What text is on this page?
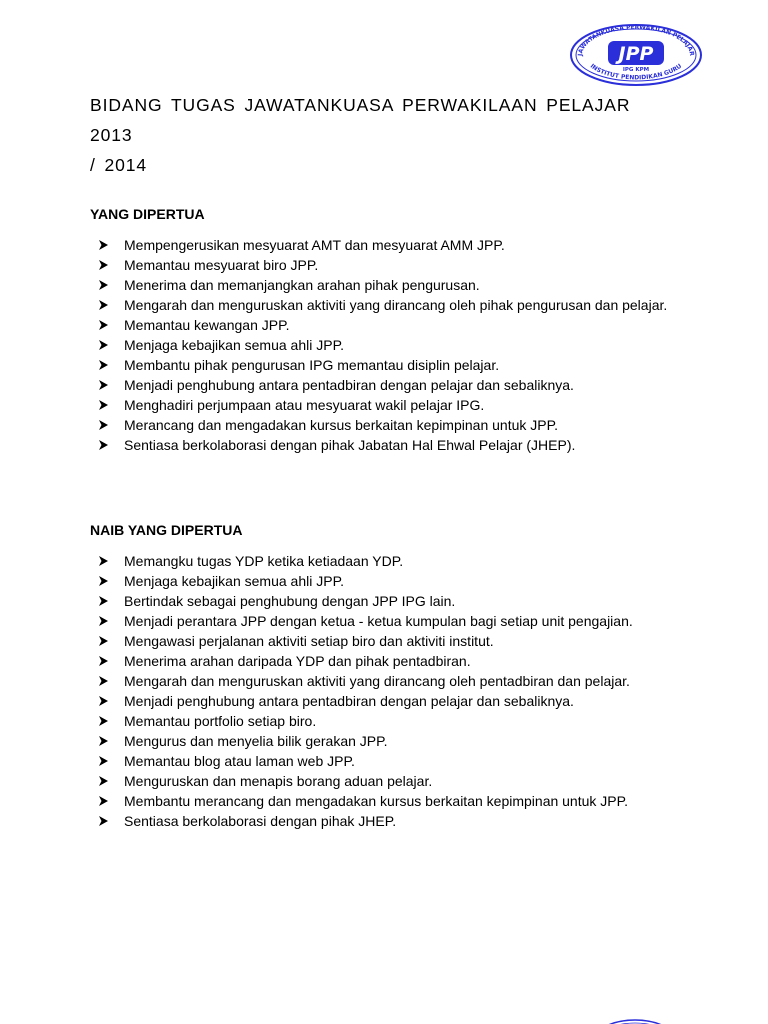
JAWATANKUASA PERWAKILAN PELAJAR
INSTITUT PENDIDIKAN GURU
JPP
IPG KPM
BIDANG TUGAS JAWATANKUASA PERWAKILAAN PELAJAR 2013
/ 2014
YANG DIPERTUA
Mempengerusikan mesyuarat AMT dan mesyuarat AMM JPP.
Memantau mesyuarat biro JPP.
Menerima dan memanjangkan arahan pihak pengurusan.
Mengarah dan menguruskan aktiviti yang dirancang oleh pihak pengurusan dan pelajar.
Memantau kewangan JPP.
Menjaga kebajikan semua ahli JPP.
Membantu pihak pengurusan IPG memantau disiplin pelajar.
Menjadi penghubung antara pentadbiran dengan pelajar dan sebaliknya.
Menghadiri perjumpaan atau mesyuarat wakil pelajar IPG.
Merancang dan mengadakan kursus berkaitan kepimpinan untuk JPP.
Sentiasa berkolaborasi dengan pihak Jabatan Hal Ehwal Pelajar (JHEP).
NAIB YANG DIPERTUA
Memangku tugas YDP ketika ketiadaan YDP.
Menjaga kebajikan semua ahli JPP.
Bertindak sebagai penghubung dengan JPP IPG lain.
Menjadi perantara JPP dengan ketua - ketua kumpulan bagi setiap unit pengajian.
Mengawasi perjalanan aktiviti setiap biro dan aktiviti institut.
Menerima arahan daripada YDP dan pihak pentadbiran.
Mengarah dan menguruskan aktiviti yang dirancang oleh pentadbiran dan pelajar.
Menjadi penghubung antara pentadbiran dengan pelajar dan sebaliknya.
Memantau portfolio setiap biro.
Mengurus dan menyelia bilik gerakan JPP.
Memantau blog atau laman web JPP.
Menguruskan dan menapis borang aduan pelajar.
Membantu merancang dan mengadakan kursus berkaitan kepimpinan untuk JPP.
Sentiasa berkolaborasi dengan pihak JHEP.
